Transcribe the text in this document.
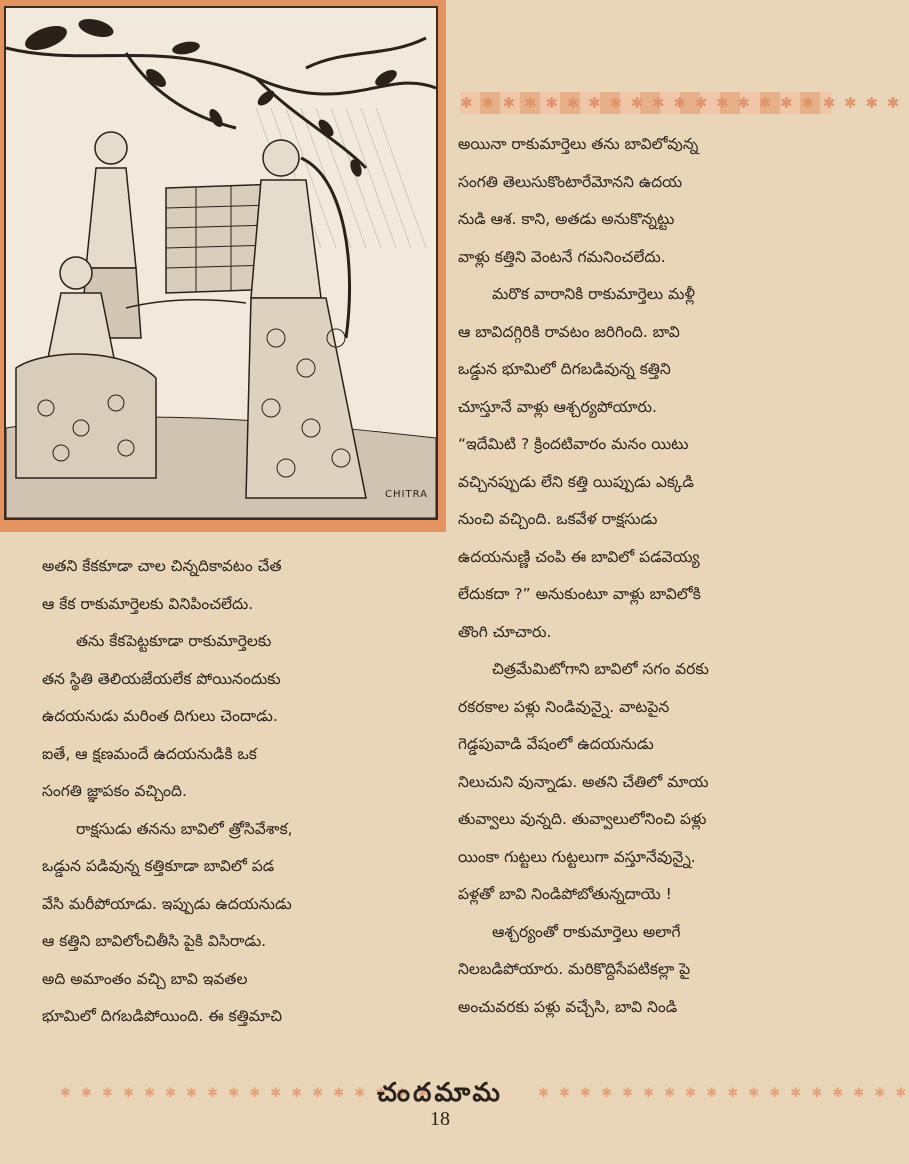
CHITRA
✱ ✱ ✱ ✱ ✱ ✱ ✱ ✱ ✱ ✱ ✱ ✱ ✱ ✱ ✱ ✱ ✱ ✱ ✱ ✱ ✱

అయినా రాకుమార్తెలు తను బావిలోవున్న
సంగతి తెలుసుకొంటారేమోనని ఉదయ
నుడి ఆశ. కాని, అతడు అనుకొన్నట్టు
వాళ్లు కత్తిని వెంటనే గమనించలేదు.

మరొక వారానికి రాకుమార్తెలు మళ్లీ
ఆ బావిదగ్గిరికి రావటం జరిగింది. బావి
ఒడ్డున భూమిలో దిగబడివున్న కత్తిని
చూస్తూనే వాళ్లు ఆశ్చర్యపోయారు.
“ఇదేమిటి ? క్రిందటివారం మనం యిటు
వచ్చినప్పుడు లేని కత్తి యిప్పుడు ఎక్కడి
నుంచి వచ్చింది. ఒకవేళ రాక్షసుడు
ఉదయనుణ్ణి చంపి ఈ బావిలో పడవెయ్య
లేదుకదా ?” అనుకుంటూ వాళ్లు బావిలోకి
తొంగి చూచారు.

చిత్రమేమిటోగాని బావిలో సగం వరకు
రకరకాల పళ్లు నిండివున్నై. వాటపైన
గెడ్డపువాడి వేషంలో ఉదయనుడు
నిలుచుని వున్నాడు. అతని చేతిలో మాయ
తువ్వాలు వున్నది. తువ్వాలులోనించి పళ్లు
యింకా గుట్టలు గుట్టలుగా వస్తూనేవున్నై.
పళ్లతో బావి నిండిపోబోతున్నదాయె !

ఆశ్చర్యంతో రాకుమార్తెలు అలాగే
నిలబడిపోయారు. మరికొద్దిసేపటికల్లా పై
అంచువరకు పళ్లు వచ్చేసి, బావి నిండి

అతని కేకకూడా చాల చిన్నదికావటం చేత
ఆ కేక రాకుమార్తెలకు వినిపించలేదు.

తను కేకపెట్టకూడా రాకుమార్తెలకు
తన స్థితి తెలియజేయలేక పోయినందుకు
ఉదయనుడు మరింత దిగులు చెందాడు.
ఐతే, ఆ క్షణమందే ఉదయనుడికి ఒక
సంగతి జ్ఞాపకం వచ్చింది.

రాక్షసుడు తనను బావిలో త్రోసివేశాక,
ఒడ్డున పడివున్న కత్తికూడా బావిలో పడ
వేసి మరీపోయాడు. ఇప్పుడు ఉదయనుడు
ఆ కత్తిని బావిలోంచితీసి పైకి విసిరాడు.
అది అమాంతం వచ్చి బావి ఇవతల
భూమిలో దిగబడిపోయింది. ఈ కత్తిమాచి

✱ ✱ ✱ ✱ ✱ ✱ ✱ ✱ ✱ ✱ ✱ ✱ ✱ ✱ ✱ ✱ ✱ ✱
చందమామ	✱ ✱ ✱ ✱ ✱ ✱ ✱ ✱ ✱ ✱ ✱ ✱ ✱ ✱ ✱ ✱ ✱ ✱
18
